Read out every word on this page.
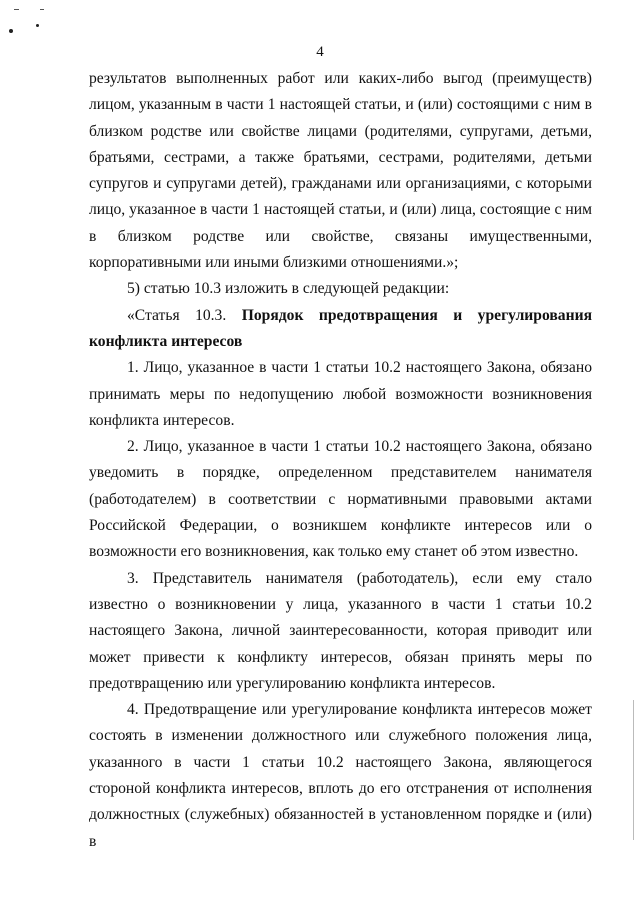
4

результатов выполненных работ или каких-либо выгод (преимуществ) лицом, указанным в части 1 настоящей статьи, и (или) состоящими с ним в близком родстве или свойстве лицами (родителями, супругами, детьми, братьями, сестрами, а также братьями, сестрами, родителями, детьми супругов и супругами детей), гражданами или организациями, с которыми лицо, указанное в части 1 настоящей статьи, и (или) лица, состоящие с ним в близком родстве или свойстве, связаны имущественными, корпоративными или иными близкими отношениями.»;

5) статью 10.3 изложить в следующей редакции:

«Статья 10.3. Порядок предотвращения и урегулирования конфликта интересов

1. Лицо, указанное в части 1 статьи 10.2 настоящего Закона, обязано принимать меры по недопущению любой возможности возникновения конфликта интересов.

2. Лицо, указанное в части 1 статьи 10.2 настоящего Закона, обязано уведомить в порядке, определенном представителем нанимателя (работодателем) в соответствии с нормативными правовыми актами Российской Федерации, о возникшем конфликте интересов или о возможности его возникновения, как только ему станет об этом известно.

3. Представитель нанимателя (работодатель), если ему стало известно о возникновении у лица, указанного в части 1 статьи 10.2 настоящего Закона, личной заинтересованности, которая приводит или может привести к конфликту интересов, обязан принять меры по предотвращению или урегулированию конфликта интересов.

4. Предотвращение или урегулирование конфликта интересов может состоять в изменении должностного или служебного положения лица, указанного в части 1 статьи 10.2 настоящего Закона, являющегося стороной конфликта интересов, вплоть до его отстранения от исполнения должностных (служебных) обязанностей в установленном порядке и (или) в
